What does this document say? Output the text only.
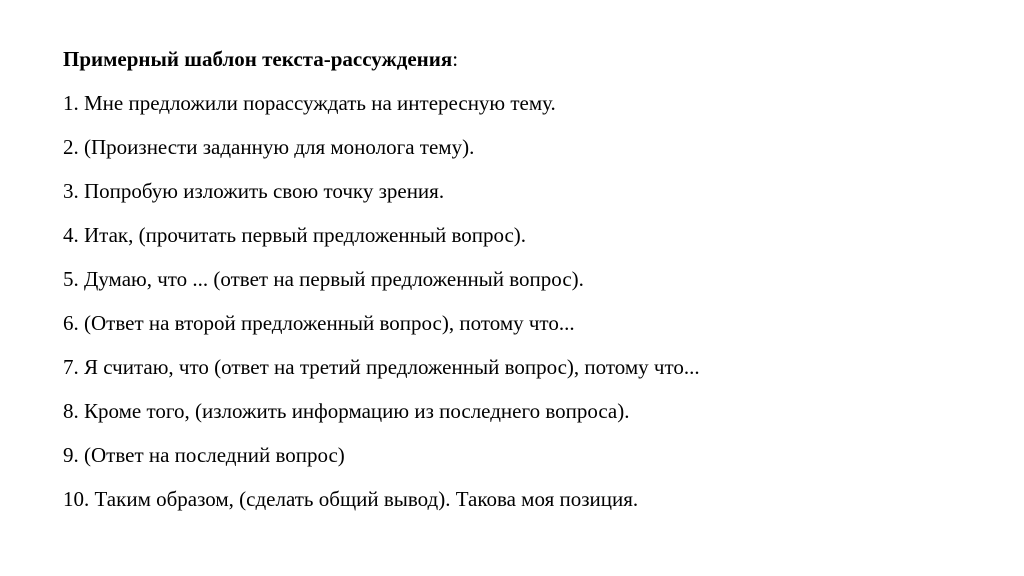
Примерный шаблон текста-рассуждения:
1. Мне предложили порассуждать на интересную тему.
2. (Произнести заданную для монолога тему).
3. Попробую изложить свою точку зрения.
4. Итак, (прочитать первый предложенный вопрос).
5. Думаю, что ... (ответ на первый предложенный вопрос).
6. (Ответ на второй предложенный вопрос), потому что...
7. Я считаю, что (ответ на третий предложенный вопрос), потому что...
8. Кроме того, (изложить информацию из последнего вопроса).
9. (Ответ на последний вопрос)
10. Таким образом, (сделать общий вывод). Такова моя позиция.
